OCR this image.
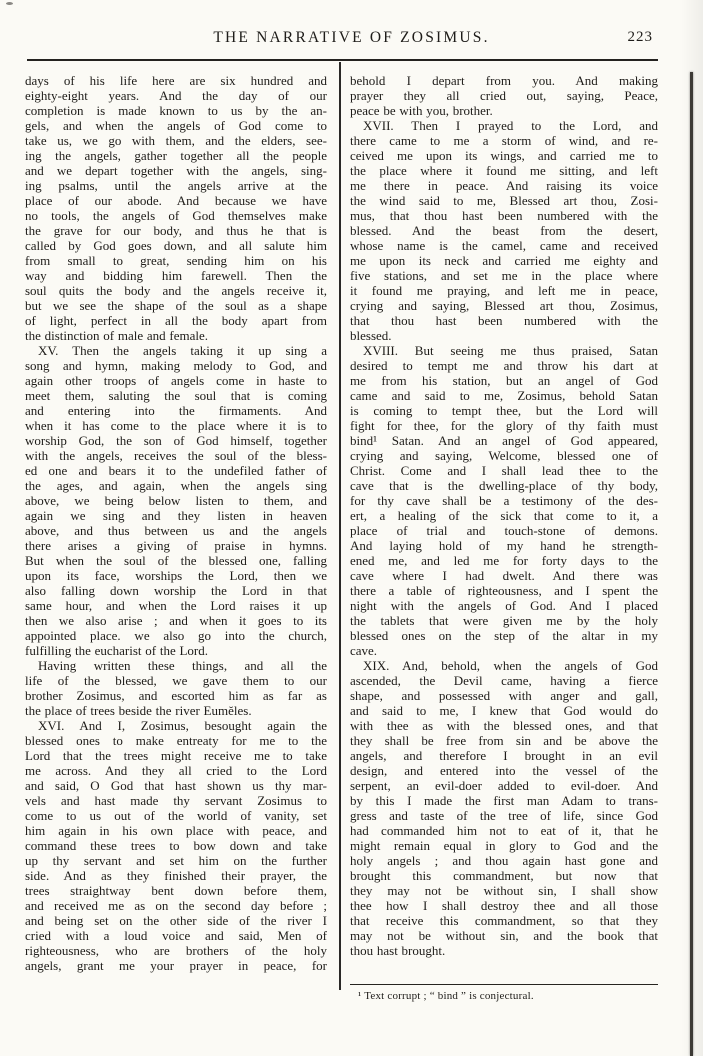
THE NARRATIVE OF ZOSIMUS.	223
days of his life here are six hundred and
eighty-eight years. And the day of our
completion is made known to us by the an-
gels, and when the angels of God come to
take us, we go with them, and the elders, see-
ing the angels, gather together all the people
and we depart together with the angels, sing-
ing psalms, until the angels arrive at the
place of our abode. And because we have
no tools, the angels of God themselves make
the grave for our body, and thus he that is
called by God goes down, and all salute him
from small to great, sending him on his
way and bidding him farewell. Then the
soul quits the body and the angels receive it,
but we see the shape of the soul as a shape
of light, perfect in all the body apart from
the distinction of male and female.
XV. Then the angels taking it up sing a
song and hymn, making melody to God, and
again other troops of angels come in haste to
meet them, saluting the soul that is coming
and entering into the firmaments. And
when it has come to the place where it is to
worship God, the son of God himself, together
with the angels, receives the soul of the bless-
ed one and bears it to the undefiled father of
the ages, and again, when the angels sing
above, we being below listen to them, and
again we sing and they listen in heaven
above, and thus between us and the angels
there arises a giving of praise in hymns.
But when the soul of the blessed one, falling
upon its face, worships the Lord, then we
also falling down worship the Lord in that
same hour, and when the Lord raises it up
then we also arise ; and when it goes to its
appointed place. we also go into the church,
fulfilling the eucharist of the Lord.
Having written these things, and all the
life of the blessed, we gave them to our
brother Zosimus, and escorted him as far as
the place of trees beside the river Eumĕles.
XVI. And I, Zosimus, besought again the
blessed ones to make entreaty for me to the
Lord that the trees might receive me to take
me across. And they all cried to the Lord
and said, O God that hast shown us thy mar-
vels and hast made thy servant Zosimus to
come to us out of the world of vanity, set
him again in his own place with peace, and
command these trees to bow down and take
up thy servant and set him on the further
side. And as they finished their prayer, the
trees straightway bent down before them,
and received me as on the second day before ;
and being set on the other side of the river I
cried with a loud voice and said, Men of
righteousness, who are brothers of the holy
angels, grant me your prayer in peace, for
behold I depart from you. And making
prayer they all cried out, saying, Peace,
peace be with you, brother.
XVII. Then I prayed to the Lord, and
there came to me a storm of wind, and re-
ceived me upon its wings, and carried me to
the place where it found me sitting, and left
me there in peace. And raising its voice
the wind said to me, Blessed art thou, Zosi-
mus, that thou hast been numbered with the
blessed. And the beast from the desert,
whose name is the camel, came and received
me upon its neck and carried me eighty and
five stations, and set me in the place where
it found me praying, and left me in peace,
crying and saying, Blessed art thou, Zosimus,
that thou hast been numbered with the
blessed.
XVIII. But seeing me thus praised, Satan
desired to tempt me and throw his dart at
me from his station, but an angel of God
came and said to me, Zosimus, behold Satan
is coming to tempt thee, but the Lord will
fight for thee, for the glory of thy faith must
bind¹ Satan. And an angel of God appeared,
crying and saying, Welcome, blessed one of
Christ. Come and I shall lead thee to the
cave that is the dwelling-place of thy body,
for thy cave shall be a testimony of the des-
ert, a healing of the sick that come to it, a
place of trial and touch-stone of demons.
And laying hold of my hand he strength-
ened me, and led me for forty days to the
cave where I had dwelt. And there was
there a table of righteousness, and I spent the
night with the angels of God. And I placed
the tablets that were given me by the holy
blessed ones on the step of the altar in my
cave.
XIX. And, behold, when the angels of God
ascended, the Devil came, having a fierce
shape, and possessed with anger and gall,
and said to me, I knew that God would do
with thee as with the blessed ones, and that
they shall be free from sin and be above the
angels, and therefore I brought in an evil
design, and entered into the vessel of the
serpent, an evil-doer added to evil-doer. And
by this I made the first man Adam to trans-
gress and taste of the tree of life, since God
had commanded him not to eat of it, that he
might remain equal in glory to God and the
holy angels ; and thou again hast gone and
brought this commandment, but now that
they may not be without sin, I shall show
thee how I shall destroy thee and all those
that receive this commandment, so that they
may not be without sin, and the book that
thou hast brought.
¹ Text corrupt ; “ bind ” is conjectural.
